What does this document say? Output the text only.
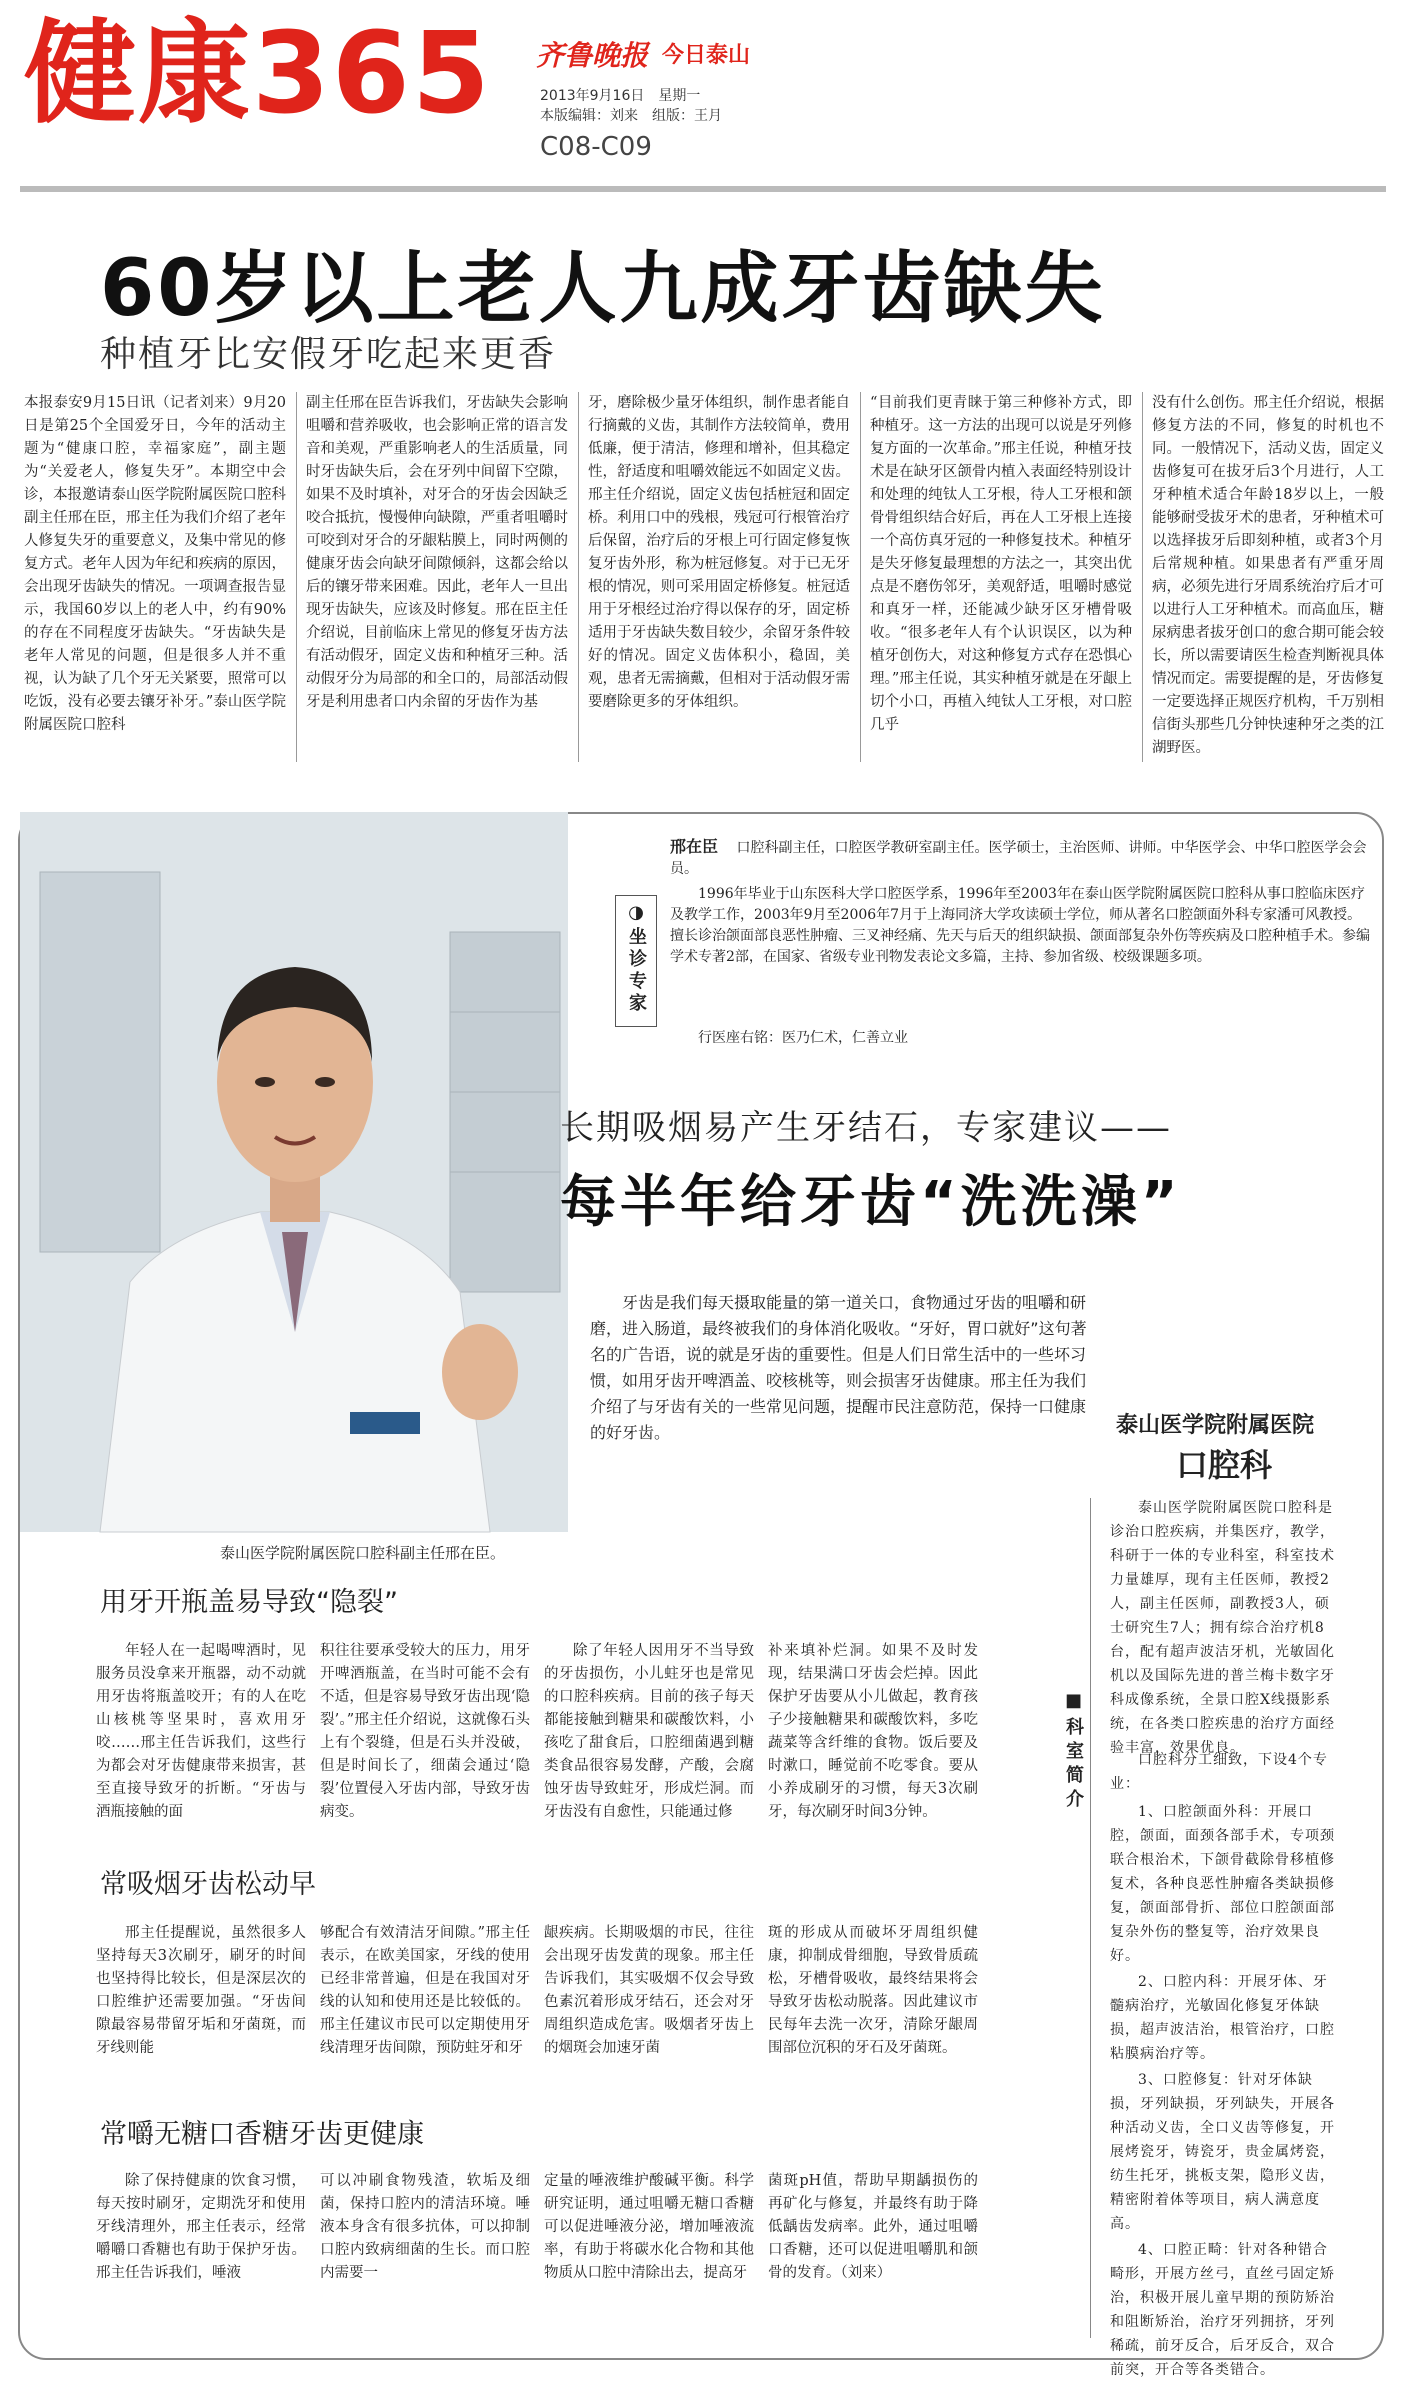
健康365 齐鲁晚报 今日泰山
2013年9月16日　星期一
本版编辑：刘来　组版：王月
C08-C09
60岁以上老人九成牙齿缺失
种植牙比安假牙吃起来更香
本报泰安9月15日讯（记者刘来）9月20日是第25个全国爱牙日，今年的活动主题为“健康口腔，幸福家庭”，副主题为“关爱老人，修复失牙”。本期空中会诊，本报邀请泰山医学院附属医院口腔科副主任邢在臣，邢主任为我们介绍了老年人修复失牙的重要意义，及集中常见的修复方式。老年人因为年纪和疾病的原因，会出现牙齿缺失的情况。一项调查报告显示，我国60岁以上的老人中，约有90%的存在不同程度牙齿缺失。“牙齿缺失是老年人常见的问题，但是很多人并不重视，认为缺了几个牙无关紧要，照常可以吃饭，没有必要去镶牙补牙。”泰山医学院附属医院口腔科
副主任邢在臣告诉我们，牙齿缺失会影响咀嚼和营养吸收，也会影响正常的语言发音和美观，严重影响老人的生活质量，同时牙齿缺失后，会在牙列中间留下空隙，如果不及时填补，对牙合的牙齿会因缺乏咬合抵抗，慢慢伸向缺隙，严重者咀嚼时可咬到对牙合的牙龈粘膜上，同时两侧的健康牙齿会向缺牙间隙倾斜，这都会给以后的镶牙带来困难。因此，老年人一旦出现牙齿缺失，应该及时修复。邢在臣主任介绍说，目前临床上常见的修复牙齿方法有活动假牙，固定义齿和种植牙三种。活动假牙分为局部的和全口的，局部活动假牙是利用患者口内余留的牙齿作为基
牙，磨除极少量牙体组织，制作患者能自行摘戴的义齿，其制作方法较简单，费用低廉，便于清洁，修理和增补，但其稳定性，舒适度和咀嚼效能远不如固定义齿。邢主任介绍说，固定义齿包括桩冠和固定桥。利用口中的残根，残冠可行根管治疗后保留，治疗后的牙根上可行固定修复恢复牙齿外形，称为桩冠修复。对于已无牙根的情况，则可采用固定桥修复。桩冠适用于牙根经过治疗得以保存的牙，固定桥适用于牙齿缺失数目较少，余留牙条件较好的情况。固定义齿体积小，稳固，美观，患者无需摘戴，但相对于活动假牙需要磨除更多的牙体组织。
“目前我们更青睐于第三种修补方式，即种植牙。这一方法的出现可以说是牙列修复方面的一次革命。”邢主任说，种植牙技术是在缺牙区颌骨内植入表面经特别设计和处理的纯钛人工牙根，待人工牙根和颌骨骨组织结合好后，再在人工牙根上连接一个高仿真牙冠的一种修复技术。种植牙是失牙修复最理想的方法之一，其突出优点是不磨伤邻牙，美观舒适，咀嚼时感觉和真牙一样，还能减少缺牙区牙槽骨吸收。“很多老年人有个认识误区，以为种植牙创伤大，对这种修复方式存在恐惧心理。”邢主任说，其实种植牙就是在牙龈上切个小口，再植入纯钛人工牙根，对口腔几乎
没有什么创伤。邢主任介绍说，根据修复方法的不同，修复的时机也不同。一般情况下，活动义齿，固定义齿修复可在拔牙后3个月进行，人工牙种植术适合年龄18岁以上，一般能够耐受拔牙术的患者，牙种植术可以选择拔牙后即刻种植，或者3个月后常规种植。如果患者有严重牙周病，必须先进行牙周系统治疗后才可以进行人工牙种植术。而高血压，糖尿病患者拔牙创口的愈合期可能会较长，所以需要请医生检查判断视具体情况而定。需要提醒的是，牙齿修复一定要选择正规医疗机构，千万别相信街头那些几分钟快速种牙之类的江湖野医。
泰山医学院附属医院口腔科副主任邢在臣。
◑
坐诊专家
邢在臣 口腔科副主任，口腔医学教研室副主任。医学硕士，主治医师、讲师。中华医学会、中华口腔医学会会员。
1996年毕业于山东医科大学口腔医学系，1996年至2003年在泰山医学院附属医院口腔科从事口腔临床医疗及教学工作，2003年9月至2006年7月于上海同济大学攻读硕士学位，师从著名口腔颌面外科专家潘可风教授。擅长诊治颌面部良恶性肿瘤、三叉神经痛、先天与后天的组织缺损、颌面部复杂外伤等疾病及口腔种植手术。参编学术专著2部，在国家、省级专业刊物发表论文多篇，主持、参加省级、校级课题多项。
行医座右铭：医乃仁术，仁善立业
长期吸烟易产生牙结石，专家建议——
每半年给牙齿“洗洗澡”
牙齿是我们每天摄取能量的第一道关口，食物通过牙齿的咀嚼和研磨，进入肠道，最终被我们的身体消化吸收。“牙好，胃口就好”这句著名的广告语，说的就是牙齿的重要性。但是人们日常生活中的一些坏习惯，如用牙齿开啤酒盖、咬核桃等，则会损害牙齿健康。邢主任为我们介绍了与牙齿有关的一些常见问题，提醒市民注意防范，保持一口健康的好牙齿。	泰山医学院附属医院
口腔科
■科室简介
泰山医学院附属医院口腔科是诊治口腔疾病，并集医疗，教学，科研于一体的专业科室，科室技术力量雄厚，现有主任医师，教授2人，副主任医师，副教授3人，硕士研究生7人；拥有综合治疗机8台，配有超声波洁牙机，光敏固化机以及国际先进的普兰梅卡数字牙科成像系统，全景口腔X线摄影系统，在各类口腔疾患的治疗方面经验丰富，效果优良。
口腔科分工细致，下设4个专业：
1、口腔颌面外科：开展口腔，颌面，面颈各部手术，专项颈联合根治术，下颌骨截除骨移植修复术，各种良恶性肿瘤各类缺损修复，颌面部骨折、部位口腔颌面部复杂外伤的整复等，治疗效果良好。
2、口腔内科：开展牙体、牙髓病治疗，光敏固化修复牙体缺损，超声波洁治，根管治疗，口腔粘膜病治疗等。
3、口腔修复：针对牙体缺损，牙列缺损，牙列缺失，开展各种活动义齿，全口义齿等修复，开展烤瓷牙，铸瓷牙，贵金属烤瓷，纺生托牙，挑板支架，隐形义齿，精密附着体等项目，病人满意度高。
4、口腔正畸：针对各种错合畸形，开展方丝弓，直丝弓固定矫治，积极开展儿童早期的预防矫治和阻断矫治，治疗牙列拥挤，牙列稀疏，前牙反合，后牙反合，双合前突，开合等各类错合。
用牙开瓶盖易导致“隐裂”
年轻人在一起喝啤酒时，见服务员没拿来开瓶器，动不动就用牙齿将瓶盖咬开；有的人在吃山核桃等坚果时，喜欢用牙咬……邢主任告诉我们，这些行为都会对牙齿健康带来损害，甚至直接导致牙的折断。“牙齿与酒瓶接触的面
积往往要承受较大的压力，用牙开啤酒瓶盖，在当时可能不会有不适，但是容易导致牙齿出现‘隐裂’。”邢主任介绍说，这就像石头上有个裂缝，但是石头并没破，但是时间长了，细菌会通过‘隐裂’位置侵入牙齿内部，导致牙齿病变。
除了年轻人因用牙不当导致的牙齿损伤，小儿蛀牙也是常见的口腔科疾病。目前的孩子每天都能接触到糖果和碳酸饮料，小孩吃了甜食后，口腔细菌遇到糖类食品很容易发酵，产酸，会腐蚀牙齿导致蛀牙，形成烂洞。而牙齿没有自愈性，只能通过修
补来填补烂洞。如果不及时发现，结果满口牙齿会烂掉。因此保护牙齿要从小儿做起，教育孩子少接触糖果和碳酸饮料，多吃蔬菜等含纤维的食物。饭后要及时漱口，睡觉前不吃零食。要从小养成刷牙的习惯，每天3次刷牙，每次刷牙时间3分钟。
常吸烟牙齿松动早
邢主任提醒说，虽然很多人坚持每天3次刷牙，刷牙的时间也坚持得比较长，但是深层次的口腔维护还需要加强。“牙齿间隙最容易带留牙垢和牙菌斑，而牙线则能
够配合有效清洁牙间隙。”邢主任表示，在欧美国家，牙线的使用已经非常普遍，但是在我国对牙线的认知和使用还是比较低的。邢主任建议市民可以定期使用牙线清理牙齿间隙，预防蛀牙和牙
龈疾病。长期吸烟的市民，往往会出现牙齿发黄的现象。邢主任告诉我们，其实吸烟不仅会导致色素沉着形成牙结石，还会对牙周组织造成危害。吸烟者牙齿上的烟斑会加速牙菌
斑的形成从而破坏牙周组织健康，抑制成骨细胞，导致骨质疏松，牙槽骨吸收，最终结果将会导致牙齿松动脱落。因此建议市民每年去洗一次牙，清除牙龈周围部位沉积的牙石及牙菌斑。
常嚼无糖口香糖牙齿更健康
除了保持健康的饮食习惯，每天按时刷牙，定期洗牙和使用牙线清理外，邢主任表示，经常嚼嚼口香糖也有助于保护牙齿。邢主任告诉我们，唾液
可以冲刷食物残渣，软垢及细菌，保持口腔内的清洁环境。唾液本身含有很多抗体，可以抑制口腔内致病细菌的生长。而口腔内需要一
定量的唾液维护酸碱平衡。科学研究证明，通过咀嚼无糖口香糖可以促进唾液分泌，增加唾液流率，有助于将碳水化合物和其他物质从口腔中清除出去，提高牙
菌斑pH值，帮助早期龋损伤的再矿化与修复，并最终有助于降低龋齿发病率。此外，通过咀嚼口香糖，还可以促进咀嚼肌和颌骨的发育。（刘来）
